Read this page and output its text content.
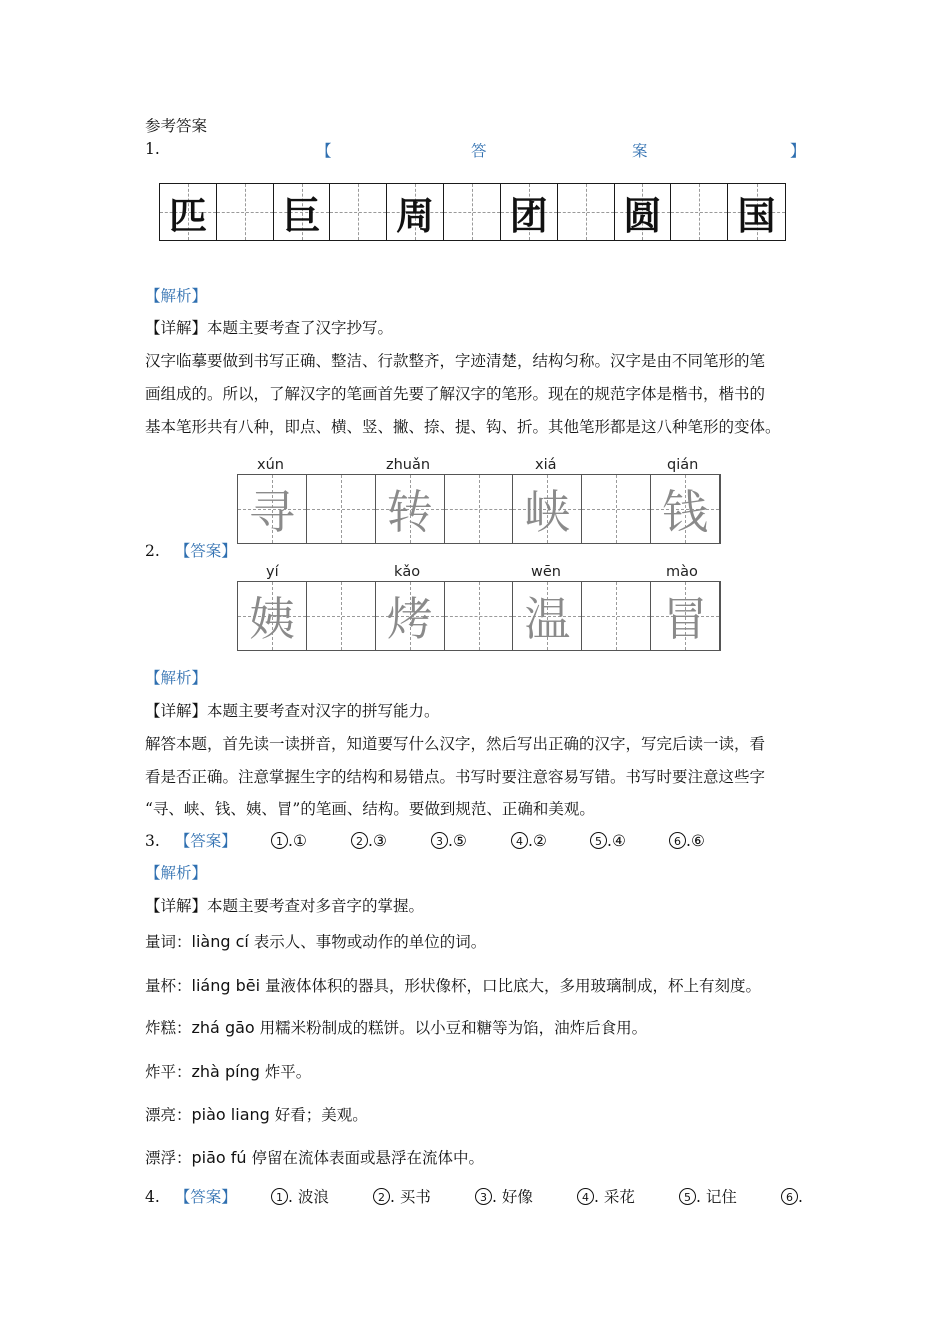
参考答案
1.	【	答	案	】
匹 巨 周 团 圆 国
【解析】
【详解】本题主要考查了汉字抄写。
汉字临摹要做到书写正确、整洁、行款整齐，字迹清楚，结构匀称。汉字是由不同笔形的笔
画组成的。所以，了解汉字的笔画首先要了解汉字的笔形。现在的规范字体是楷书，楷书的
基本笔形共有八种，即点、横、竖、撇、捺、提、钩、折。其他笔形都是这八种笔形的变体。
xún	zhuǎn	xiá	qián
寻 转 峡 钱
2. 【答案】
yí	kǎo	wēn	mào
姨 烤 温 冒
【解析】
【详解】本题主要考查对汉字的拼写能力。
解答本题，首先读一读拼音，知道要写什么汉字，然后写出正确的汉字，写完后读一读，看
看是否正确。注意掌握生字的结构和易错点。书写时要注意容易写错。书写时要注意这些字
“寻、峡、钱、姨、冒”的笔画、结构。要做到规范、正确和美观。
3. 【答案】	1 .①	2 .③	3 .⑤	4 .②	5 .④	6 .⑥
【解析】
【详解】本题主要考查对多音字的掌握。
量词：liàng cí 表示人、事物或动作的单位的词。
量杯：liáng bēi 量液体体积的器具，形状像杯，口比底大，多用玻璃制成，杯上有刻度。
炸糕：zhá gāo 用糯米粉制成的糕饼。以小豆和糖等为馅，油炸后食用。
炸平：zhà píng 炸平。
漂亮：piào liang 好看；美观。
漂浮：piāo fú 停留在流体表面或悬浮在流体中。
4. 【答案】	1 . 波浪	2 . 买书	3 . 好像	4 . 采花	5 . 记住	6 .
